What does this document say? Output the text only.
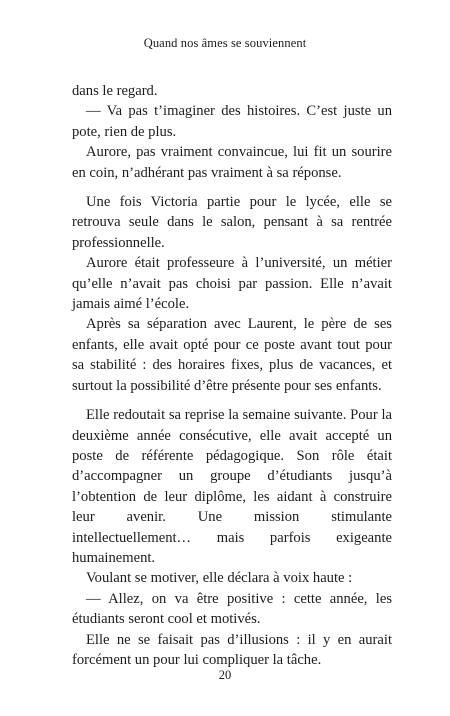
Quand nos âmes se souviennent

dans le regard.

— Va pas t’imaginer des histoires. C’est juste un pote, rien de plus.

Aurore, pas vraiment convaincue, lui fit un sourire en coin, n’adhérant pas vraiment à sa réponse.

Une fois Victoria partie pour le lycée, elle se retrouva seule dans le salon, pensant à sa rentrée professionnelle.

Aurore était professeure à l’université, un métier qu’elle n’avait pas choisi par passion. Elle n’avait jamais aimé l’école.

Après sa séparation avec Laurent, le père de ses enfants, elle avait opté pour ce poste avant tout pour sa stabilité : des horaires fixes, plus de vacances, et surtout la possibilité d’être présente pour ses enfants.

Elle redoutait sa reprise la semaine suivante. Pour la deuxième année consécutive, elle avait accepté un poste de référente pédagogique. Son rôle était d’accompagner un groupe d’étudiants jusqu’à l’obtention de leur diplôme, les aidant à construire leur avenir. Une mission stimulante intellectuellement… mais parfois exigeante humainement.

Voulant se motiver, elle déclara à voix haute :

— Allez, on va être positive : cette année, les étudiants seront cool et motivés.

Elle ne se faisait pas d’illusions : il y en aurait forcément un pour lui compliquer la tâche.

20
